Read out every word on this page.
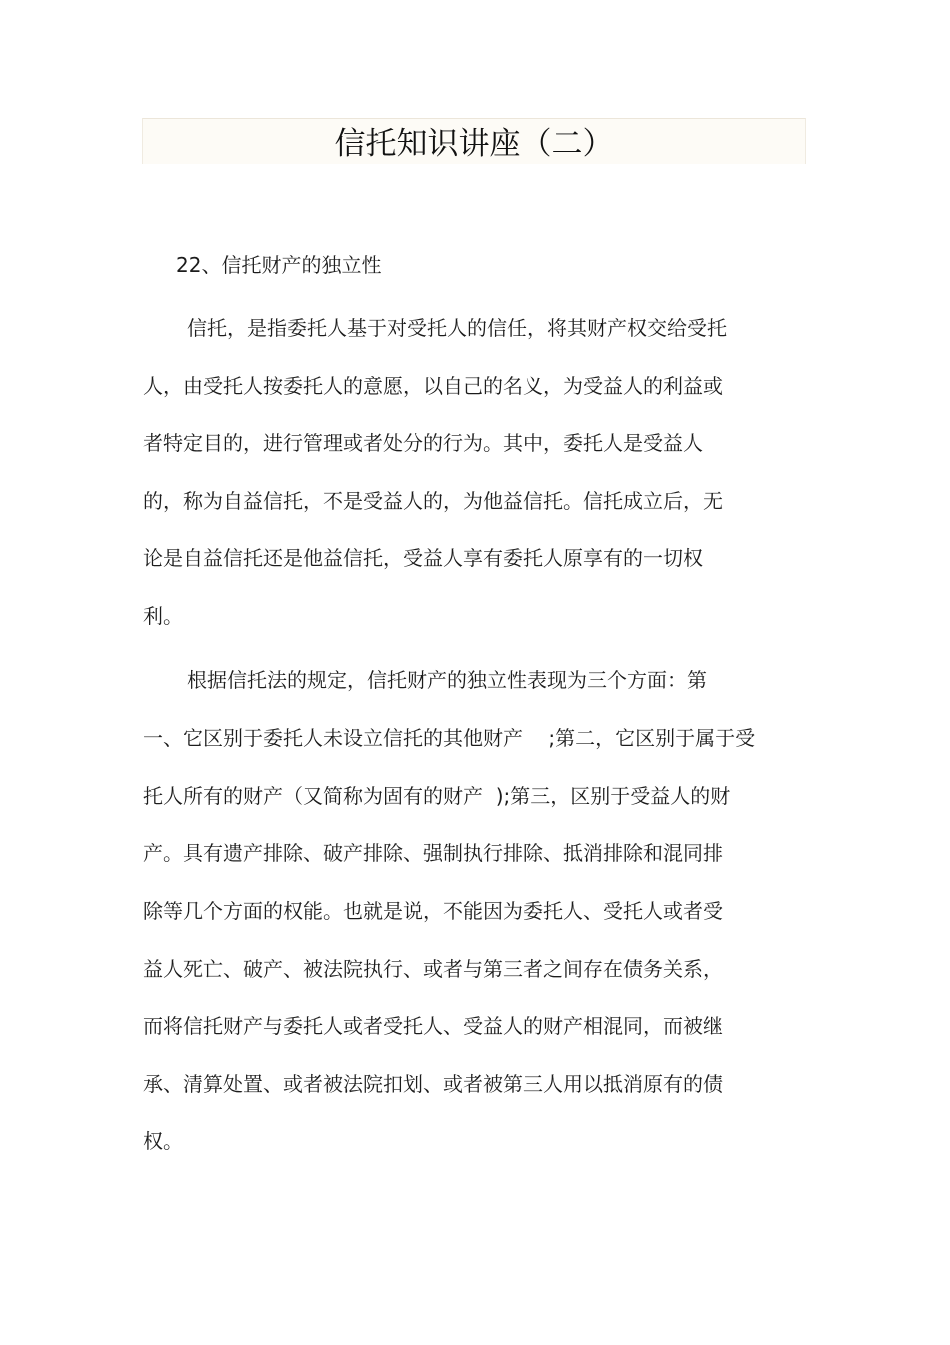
信托知识讲座（二）
22、信托财产的独立性
信托，是指委托人基于对受托人的信任，将其财产权交给受托
人，由受托人按委托人的意愿，以自己的名义，为受益人的利益或
者特定目的，进行管理或者处分的行为。其中，委托人是受益人
的，称为自益信托，不是受益人的，为他益信托。信托成立后，无
论是自益信托还是他益信托，受益人享有委托人原享有的一切权
利。
根据信托法的规定，信托财产的独立性表现为三个方面：第
一、它区别于委托人未设立信托的其他财产    ;第二，它区别于属于受
托人所有的财产（又简称为固有的财产  );第三，区别于受益人的财
产。具有遗产排除、破产排除、强制执行排除、抵消排除和混同排
除等几个方面的权能。也就是说，不能因为委托人、受托人或者受
益人死亡、破产、被法院执行、或者与第三者之间存在债务关系，
而将信托财产与委托人或者受托人、受益人的财产相混同，而被继
承、清算处置、或者被法院扣划、或者被第三人用以抵消原有的债
权。
